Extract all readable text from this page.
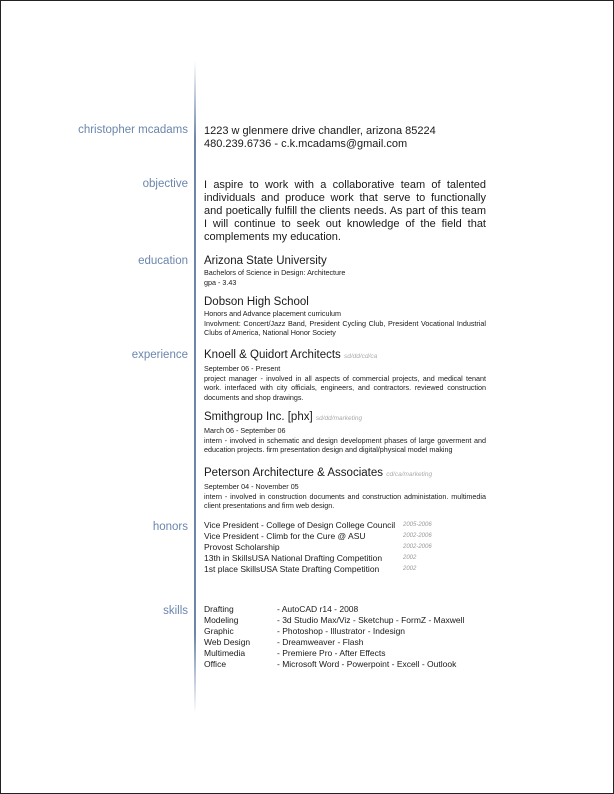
christopher mcadams 1223 w glenmere drive chandler, arizona 85224
480.239.6736 - c.k.mcadams@gmail.com
objective I aspire to work with a collaborative team of talented individuals and produce work that serve to functionally and poetically fulfill the clients needs. As part of this team I will continue to seek out knowledge of the field that complements my education.
education Arizona State University
Bachelors of Science in Design: Architecture
gpa - 3.43
Dobson High School
Honors and Advance placement curriculum
Involvment: Concert/Jazz Band, President Cycling Club, President Vocational Industrial Clubs of America, National Honor Society
experience Knoell & Quidort Architects sd/dd/cd/ca
September 06 - Present
project manager - involved in all aspects of commercial projects, and medical tenant work. interfaced with city officials, engineers, and contractors. reviewed construction documents and shop drawings.
Smithgroup Inc. [phx] sd/dd/marketing
March 06 - September 06
intern - involved in schematic and design development phases of large goverment and education projects. firm presentation design and digital/physical model making
Peterson Architecture & Associates cd/ca/marketing
September 04 - November 05
intern - involved in construction documents and construction administation. multimedia client presentations and firm web design.
honors Vice President - College of Design College Council 2005-2006
Vice President - Climb for the Cure @ ASU	2002-2006
Provost Scholarship	2002-2006
13th in SkillsUSA National Drafting Competition	2002
1st place SkillsUSA State Drafting Competition	2002
skills Drafting	- AutoCAD r14 - 2008
Modeling	- 3d Studio Max/Viz - Sketchup - FormZ - Maxwell
Graphic	- Photoshop - Illustrator - Indesign
Web Design	- Dreamweaver - Flash
Multimedia	- Premiere Pro - After Effects
Office	- Microsoft Word - Powerpoint - Excell - Outlook
